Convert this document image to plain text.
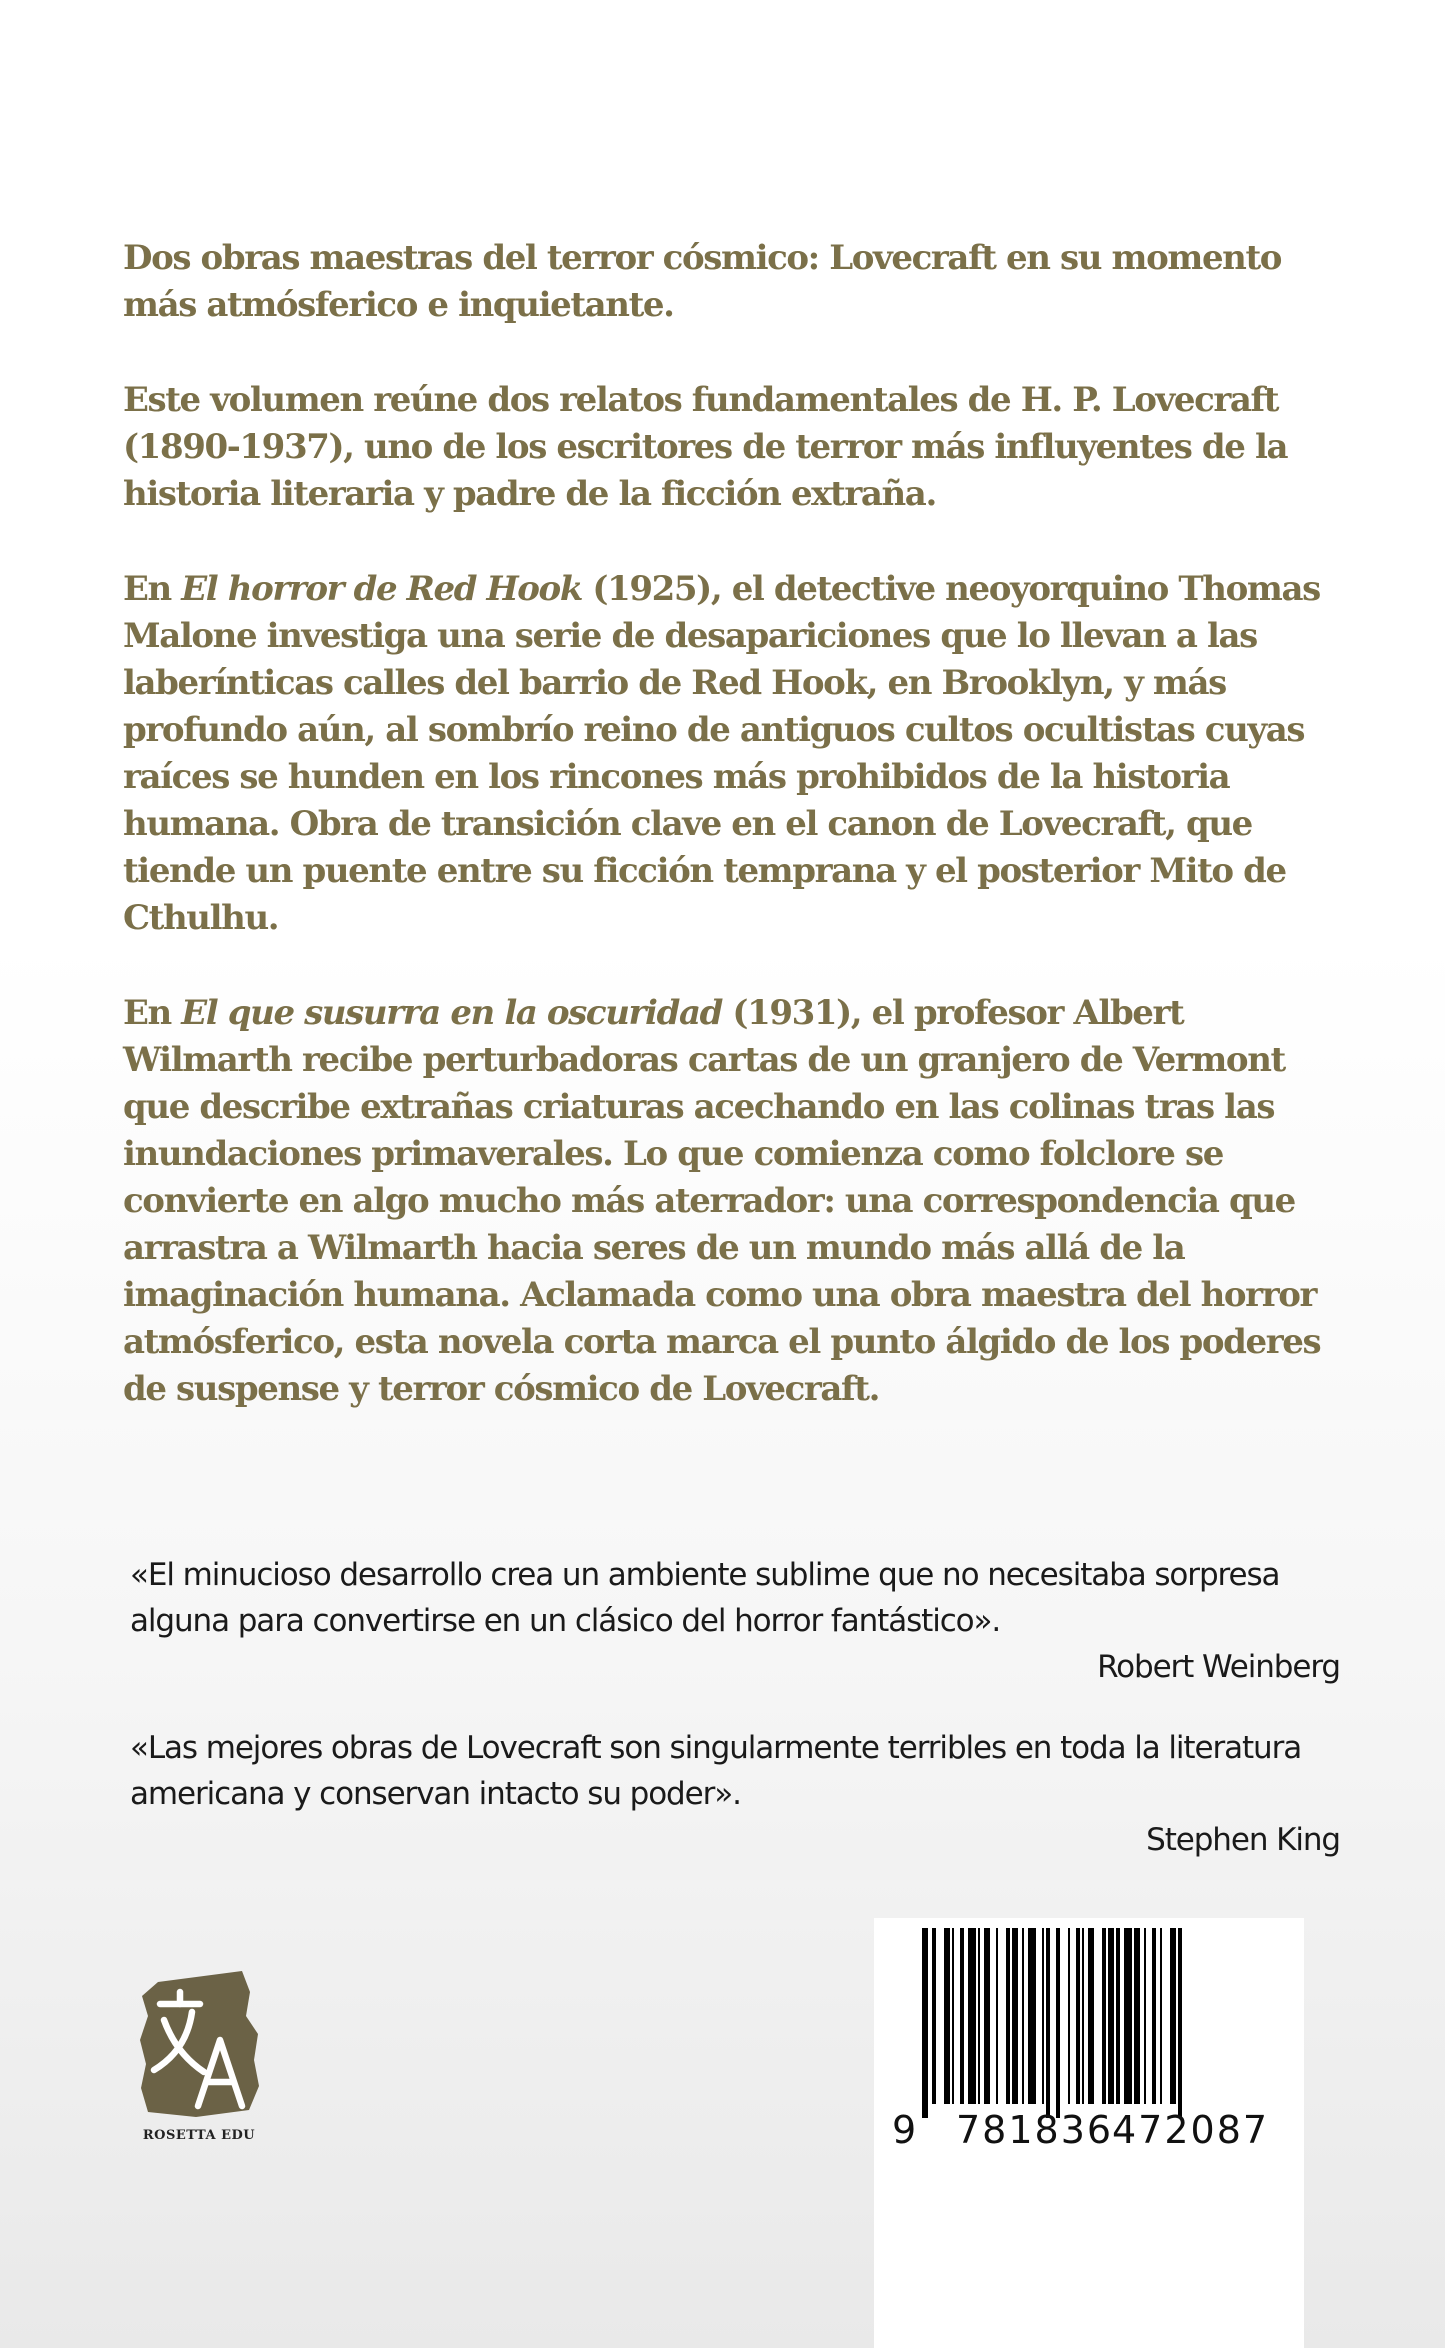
Dos obras maestras del terror cósmico: Lovecraft en su momento más atmósferico e inquietante.

Este volumen reúne dos relatos fundamentales de H. P. Lovecraft (1890-1937), uno de los escritores de terror más influyentes de la historia literaria y padre de la ficción extraña.

En El horror de Red Hook (1925), el detective neoyorquino Thomas Malone investiga una serie de desapariciones que lo llevan a las laberínticas calles del barrio de Red Hook, en Brooklyn, y más profundo aún, al sombrío reino de antiguos cultos ocultistas cuyas raíces se hunden en los rincones más prohibidos de la historia humana. Obra de transición clave en el canon de Lovecraft, que tiende un puente entre su ficción temprana y el posterior Mito de Cthulhu.

En El que susurra en la oscuridad (1931), el profesor Albert Wilmarth recibe perturbadoras cartas de un granjero de Vermont que describe extrañas criaturas acechando en las colinas tras las inundaciones primaverales. Lo que comienza como folclore se convierte en algo mucho más aterrador: una correspondencia que arrastra a Wilmarth hacia seres de un mundo más allá de la imaginación humana. Aclamada como una obra maestra del horror atmósferico, esta novela corta marca el punto álgido de los poderes de suspense y terror cósmico de Lovecraft.

«El minucioso desarrollo crea un ambiente sublime que no necesitaba sorpresa alguna para convertirse en un clásico del horror fantástico».

Robert Weinberg

«Las mejores obras de Lovecraft son singularmente terribles en toda la literatura americana y conservan intacto su poder».

Stephen King

ROSETTA EDU	9 781836
472087
